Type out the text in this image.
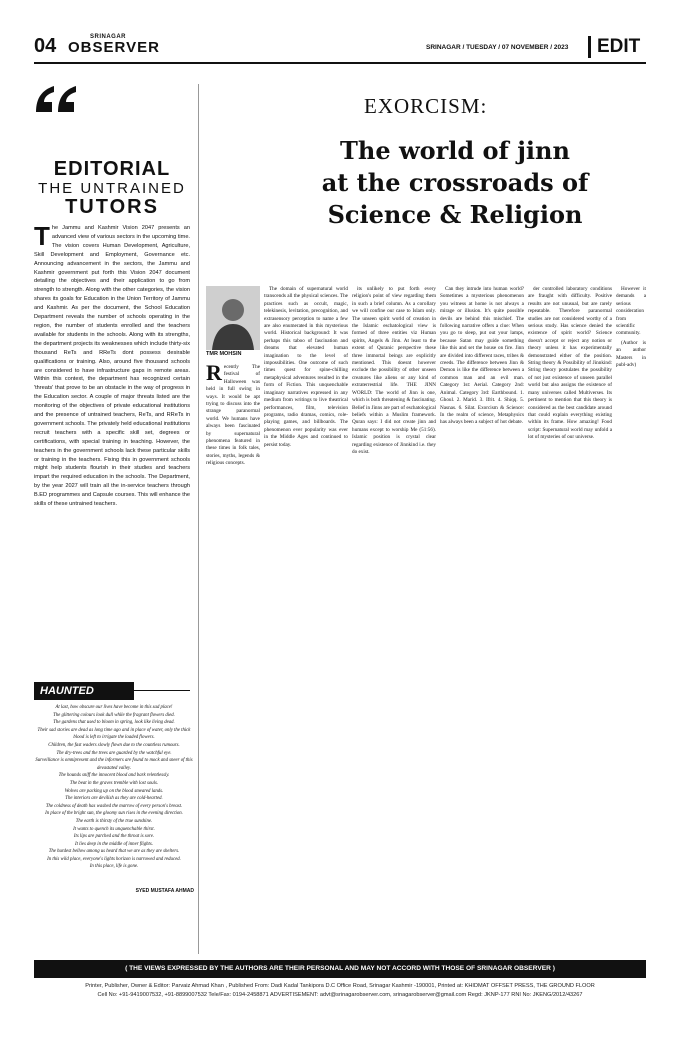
04	SRINAGAR
OBSERVER	SRINAGAR / TUESDAY / 07 NOVEMBER / 2023 EDIT
EDITORIAL
THE UNTRAINED
TUTORS
T he Jammu and Kashmir Vision 2047 presents an advanced view of various sectors in the upcoming time. The vision covers Human Development, Agriculture, Skill Development and Employment, Governance etc. Announcing advancement in the sectors, the Jammu and Kashmir government put forth this Vision 2047 document detailing the objectives and their application to go from strength to strength. Along with the other categories, the vision shares its goals for Education in the Union Territory of Jammu and Kashmir. As per the document, the School Education Department reveals the number of schools operating in the region, the number of students enrolled and the teachers available for students in the schools. Along with its strengths, the department projects its weaknesses which include thirty-six thousand ReTs and RReTs dont possess desirable qualifications or training. Also, around five thousand schools are considered to have infrastructure gaps in remote areas. Within this context, the department has recognized certain 'threats' that prove to be an obstacle in the way of progress in the Education sector. A couple of major threats listed are the monitoring of the objectives of private educational institutions and the presence of untrained teachers, ReTs, and RReTs in government schools. The privately held educational institutions recruit teachers with a specific skill set, degrees or certifications, with special training in teaching. However, the teachers in the government schools lack these particular skills or training in the teachers. Fixing this in government schools might help students flourish in their studies and teachers impart the required education in the schools. The Department, by the year 2027 will train all the in-service teachers through B.ED programmes and Capsule courses. This will enhance the skills of these untrained teachers.
HAUNTED PLACE
At last, how obscure our lives have become in this sad place!
The glittering colours look dull while the fragrant flowers died.
The gardens that used to bloom in spring, look like living dead.
Their sad stories are dead as long time ago and in place of water, only the thick blood is left to irrigate the loaded flowers.
Children, the fast waders slowly flown due to the countless rumours.
The dry-trees and the trees are guarded by the watchful eye.
Surveillance is omnipresent and the informers are found to mock and sneer of this devastated valley.
The hounds sniff the innocent blood and bark relentlessly.
The beat in the graves tremble with lost souls.
Wolves are packing up on the blood smeared lands.
The interiors are devilish as they are cold-hearted.
The coldness of death has washed the marrow of every person's breast.
In place of the bright sun, the gloomy sun rises in the evening direction.
The earth is thirsty of the true sunshine.
It wants to quench its unquenchable thirst.
Its lips are parched and the throat is sore.
It lies deep in the middle of inner flights.
The hurdest bellow among us heard that we are as they are shelters.
In this wild place, everyone's lights horizon is narrowed and reduced.
In this place, life is gone.
SYED MUSTAFA AHMAD
EXORCISM:
The world of jinn
at the crossroads of
Science & Religion
TMR MOHSIN
R ecently The festival of Halloween was held in full swing in ways. It would be apt trying to discuss into the strange paranormal world. We humans have always been fascinated by supernatural phenomena featured in these times in folk tales, stories, myths, legends & religious concepts.

The domain of supernatural world transcends all the physical sciences. The practices such as occult, magic, telekinesis, levitation, precognition, and extrasensory perception to name a few are also enumerated in this mysterious world. Historical background: It was perhaps this taboo of fascination and dreams that elevated human imagination to the level of impossibilities. One outcome of such times quest for spine-chilling metaphysical adventures resulted in the form of Fiction. This unquenchable imaginary narratives expressed in any medium from writings to live theatrical performances, film, television programs, radio dramas, comics, role-playing games, and billboards. The phenomenon ever popularity was ever in the Middle Ages and continued to persist today.

its unlikely to put forth every religion's point of view regarding them in such a brief column. As a corollary we will confine our case to Islam only. The unseen spirit world of creation in the Islamic eschatological view is formed of three entities viz Human spirits, Angels & Jinn. At least to the extent of Quranic perspective these three immortal beings are explicitly mentioned. This doesnt however exclude the possibility of other unseen creatures like aliens or any kind of extraterrestrial life. THE JINN WORLD: The world of Jinn is one, which is both threatening & fascinating. Belief in Jinns are part of eschatological beliefs within a Muslim framework. Quran says: I did not create jinn and humans except to worship Me (51:56). Islamic position is crystal clear regarding existence of Jinnkind i.e. they do exist.

Can they intrude into human world? Sometimes a mysterious phenomenon you witness at home is not always a mirage or illusion. It's quite possible devils are behind this mischief. The following narrative offers a clue: When you go to sleep, put out your lamps, because Satan may guide something like this and set the house on fire. Jinn are divided into different races, tribes & creeds. The difference between Jinn & Demon is like the difference between a common man and an evil man. Category 1st: Aerial. Category 2nd: Animal. Category 3rd: Earthbound. 1. Ghoul. 2. Marid. 3. Ifrit. 4. Shiqq. 5. Nasnas. 6. Silat. Exorcism & Science: In the realm of science, Metaphysics has always been a subject of hot debate.

der controlled laboratory conditions are fraught with difficulty. Positive results are not unusual, but are rarely repeatable. Therefore paranormal studies are not considered worthy of a serious study. Has science denied the existence of spirit world? Science doesn't accept or reject any notion or theory unless it has experimentally demonstrated either of the position. String theory & Possibility of Jinnkind: String theory postulates the possibility of not just existence of unseen parallel world but also assigns the existence of many universes called Multiverses. Its pertinent to mention that this theory is considered as the best candidate around that could explain everything existing within its frame. How amazing! Food script: Supernatural world may unfold a lot of mysteries of our universe.

However it demands a serious consideration from scientific community.

(Author is an author Masters in publ-adv)

( THE VIEWS EXPRESSED BY THE AUTHORS ARE THEIR PERSONAL AND MAY NOT ACCORD WITH THOSE OF SRINAGAR OBSERVER )
Printer, Publisher, Owner & Editor: Parvaiz Ahmad Khan , Published From: Dadi Kadal Tankipora D.C Office Road, Srinagar Kashmir -190001, Printed at: KHIDMAT OFFSET PRESS, THE GROUND FLOOR
Cell No: +91-9419007532, +91-8899007532 Tele/Fax: 0194-2458871 ADVERTISEMENT: advt@srinagarobserver.com, srinagarobserver@gmail.com Regd: JKNP-177 RNI No: JKENG/2012/43267
